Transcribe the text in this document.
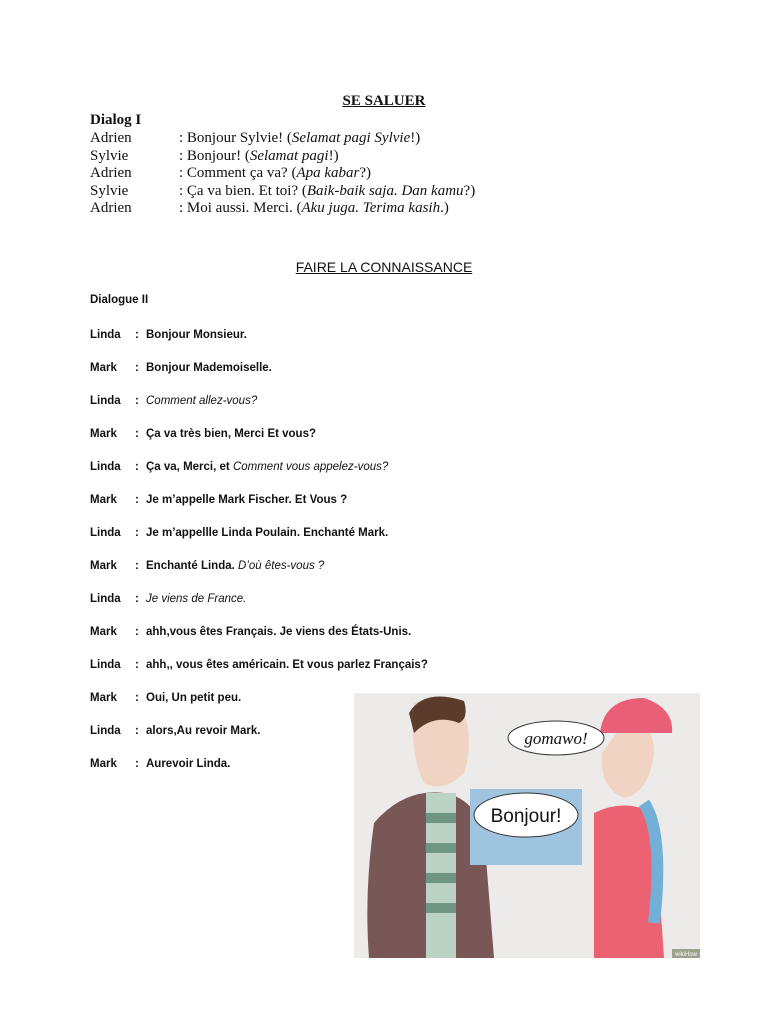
SE SALUER
Dialog I
Adrien	: Bonjour Sylvie! (Selamat pagi Sylvie!)
Sylvie	: Bonjour! (Selamat pagi!)
Adrien	: Comment ça va? (Apa kabar?)
Sylvie	: Ça va bien. Et toi? (Baik-baik saja. Dan kamu?)
Adrien	: Moi aussi. Merci. (Aku juga. Terima kasih.)
FAIRE LA CONNAISSANCE
Dialogue II
Linda : Bonjour Monsieur.
Mark : Bonjour Mademoiselle.
Linda : Comment allez-vous?
Mark : Ça va très bien, Merci Et vous?
Linda : Ça va, Merci, et Comment vous appelez-vous?
Mark : Je m’appelle Mark Fischer. Et Vous ?
Linda : Je m’appellle Linda Poulain. Enchanté Mark.
Mark : Enchanté Linda. D’où êtes-vous ?
Linda : Je viens de France.
Mark : ahh,vous êtes Français. Je viens des États-Unis.
Linda : ahh,, vous êtes américain. Et vous parlez Français?
Mark : Oui, Un petit peu.
Linda : alors,Au revoir Mark.
Mark : Aurevoir Linda.
Bonjour!
gomawo!
wikiHow
